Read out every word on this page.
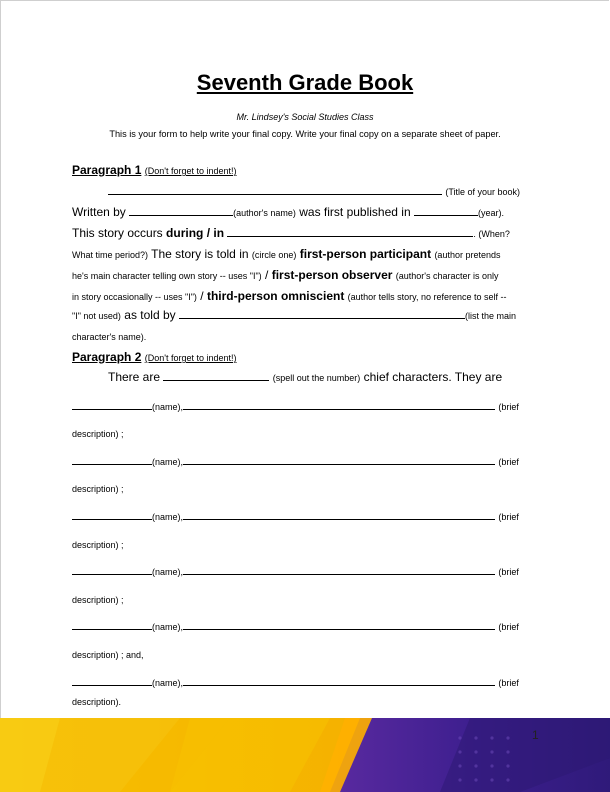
Seventh Grade Book
Mr. Lindsey's Social Studies Class
This is your form to help write your final copy. Write your final copy on a separate sheet of paper.
Paragraph 1 (Don't forget to indent!)
(Title of your book)
Written by	(author's name) was first published in	(year).
This story occurs during / in	. (When?
What time period?) The story is told in (circle one) first-person participant (author pretends
he's main character telling own story -- uses "I") / first-person observer (author's character is only
in story occasionally -- uses "I") / third-person omniscient (author tells story, no reference to self --
"I" not used) as told by	(list the main
character's name).
Paragraph 2 (Don't forget to indent!)
There are	(spell out the number) chief characters. They are
(name),	(brief
description) ;
(name),	(brief
description) ;
(name),	(brief
description) ;
(name),	(brief
description) ;
(name),	(brief
description) ; and,
(name),	(brief
description).
1
